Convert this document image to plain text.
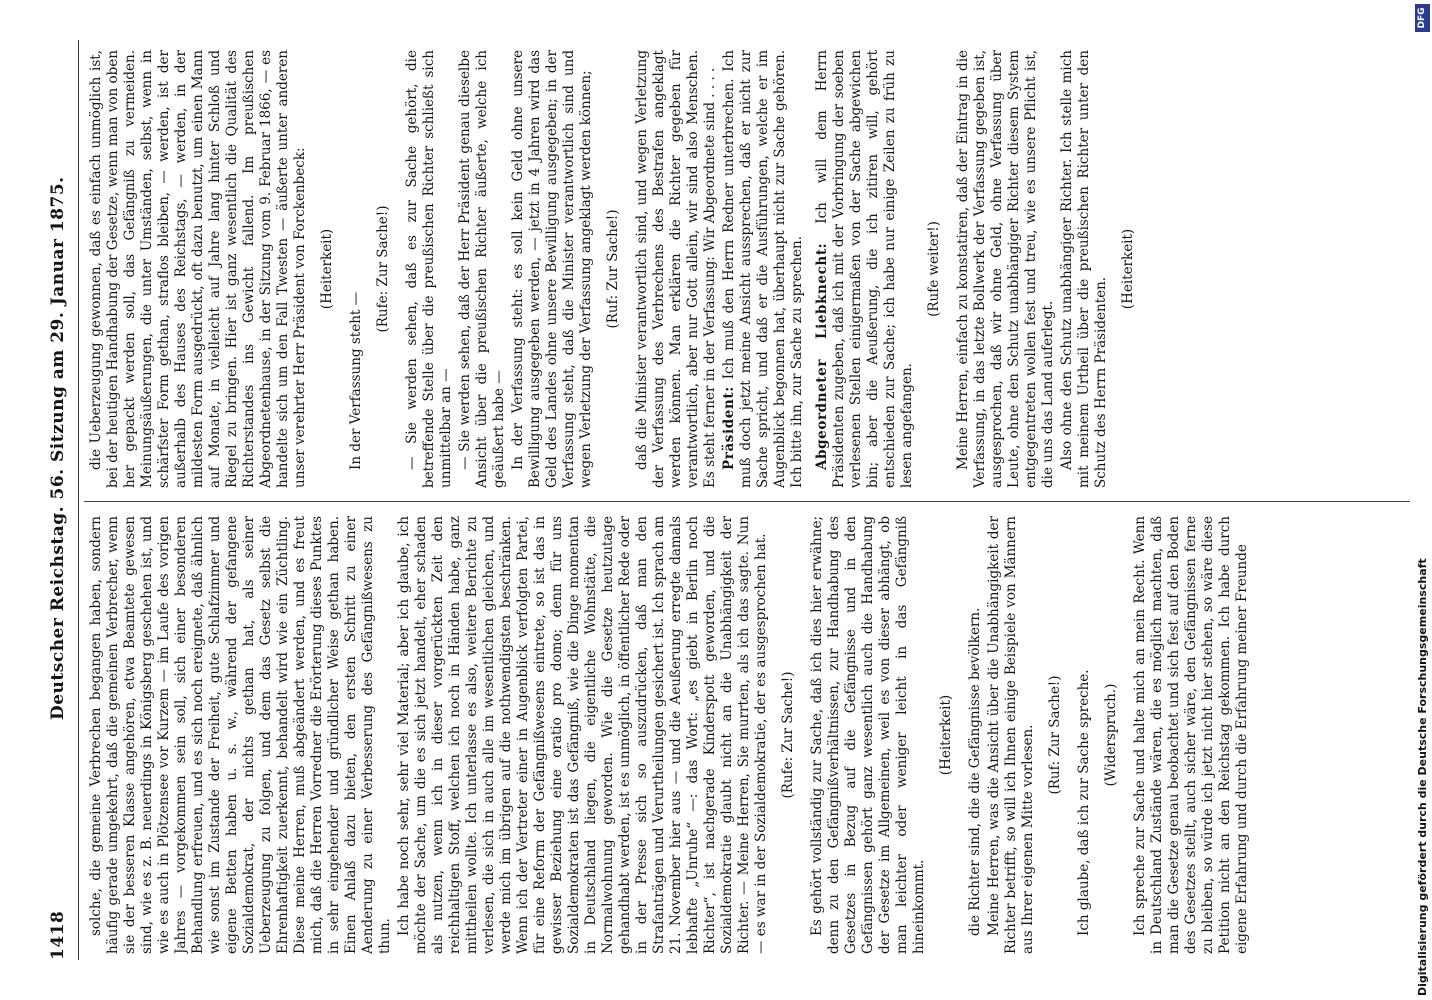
1418
Deutscher Reichstag. 56. Sitzung am 29. Januar 1875.

solche, die gemeine Verbrechen begangen haben, sondern häufig gerade umgekehrt, daß die gemeinen Verbrecher, wenn sie der besseren Klasse angehören, etwa Beamtete gewesen sind, wie es z. B. neuerdings in Königsberg geschehen ist, und wie es auch in Plötzensee vor Kurzem — im Laufe des vorigen Jahres — vorgekommen sein soll, sich einer besonderen Behandlung erfreuen, und es sich noch ereignete, daß ähnlich wie sonst im Zustande der Freiheit, gute Schlafzimmer und eigene Betten haben u. s. w., während der gefangene Sozialdemokrat, der nichts gethan hat, als seiner Ueberzeugung zu folgen, und dem das Gesetz selbst die Ehrenhaftigkeit zuerkennt, behandelt wird wie ein Züchtling. Diese meine Herren, muß abgeändert werden, und es freut mich, daß die Herren Vorredner die Erörterung dieses Punktes in sehr eingehender und gründlicher Weise gethan haben. Einen Anlaß dazu bieten, den ersten Schritt zu einer Aenderung zu einer Verbesserung des Gefängnißwesens zu thun.

Ich habe noch sehr, sehr viel Material; aber ich glaube, ich möchte der Sache, um die es sich jetzt handelt, eher schaden als nutzen, wenn ich in dieser vorgerückten Zeit den reichhaltigen Stoff, welchen ich noch in Händen habe, ganz mittheilen wollte. Ich unterlasse es also, weitere Berichte zu verlesen, die sich in auch alle im wesentlichen gleichen, und werde mich im übrigen auf die nothwendigsten beschränken. Wenn ich der Vertreter einer in Augenblick verfolgten Partei, für eine Reform der Gefängnißwesens eintrete, so ist das in gewisser Beziehung eine oratio pro domo; denn für uns Sozialdemokraten ist das Gefängniß, wie die Dinge momentan in Deutschland liegen, die eigentliche Wohnstätte, die Normalwohnung geworden. Wie die Gesetze heutzutage gehandhabt werden, ist es unmöglich, in öffentlicher Rede oder in der Presse sich so auszudrücken, daß man den Strafanträgen und Verurtheilungen gesichert ist. Ich sprach am 21. November hier aus — und die Aeußerung erregte damals lebhafte „Unruhe“ —: das Wort: „es giebt in Berlin noch Richter“, ist nachgerade Kinderspott geworden, und die Sozialdemokratie glaubt nicht an die Unabhängigkeit der Richter. — Meine Herren, Sie murrten, als ich das sagte. Nun — es war in der Sozialdemokratie, der es ausgesprochen hat. (Rufe: Zur Sache!) Es gehört vollständig zur Sache, daß ich dies hier erwähne; denn zu den Gefängnißverhältnissen, zur Handhabung des Gesetzes in Bezug auf die Gefängnisse und in den Gefängnissen gehört ganz wesentlich auch die Handhabung der Gesetze im Allgemeinen, weil es von dieser abhängt, ob man leichter oder weniger leicht in das Gefängniß hineinkommt.

(Heiterkeit) die Richter sind, die die Gefängnisse bevölkern. Meine Herren, was die Ansicht über die Unabhängigkeit der Richter betrifft, so will ich Ihnen einige Beispiele von Männern aus Ihrer eigenen Mitte vorlesen. (Ruf: Zur Sache!) Ich glaube, daß ich zur Sache spreche. (Widerspruch.) Ich spreche zur Sache und halte mich an mein Recht. Wenn in Deutschland Zustände wären, die es möglich machten, daß man die Gesetze genau beobachtet und sich fest auf den Boden des Gesetzes stellt, auch sicher wäre, den Gefängnissen ferne zu bleiben, so würde ich jetzt nicht hier stehen, so wäre diese Petition nicht an den Reichstag gekommen. Ich habe durch eigene Erfahrung und durch die Erfahrung meiner Freunde

die Ueberzeugung gewonnen, daß es einfach unmöglich ist, bei der heutigen Handhabung der Gesetze, wenn man von oben her gepackt werden soll, das Gefängniß zu vermeiden. Meinungsäußerungen, die unter Umständen, selbst, wenn in schärfster Form gethan, straflos bleiben, — werden, ist der außerhalb des Hauses des Reichstags, — werden, in der mildesten Form ausgedrückt, oft dazu benutzt, um einen Mann auf Monate, in vielleicht auf Jahre lang hinter Schloß und Riegel zu bringen. Hier ist ganz wesentlich die Qualität des Richterstandes ins Gewicht fallend. Im preußischen Abgeordnetenhause, in der Sitzung vom 9. Februar 1866, — es handelte sich um den Fall Twesten — äußerte unter anderen unser verehrter Herr Präsident von Forckenbeck: (Heiterkeit)

In der Verfassung steht —

(Rufe: Zur Sache!) — Sie werden sehen, daß es zur Sache gehört, die betreffende Stelle über die preußischen Richter schließt sich unmittelbar an — — Sie werden sehen, daß der Herr Präsident genau dieselbe Ansicht über die preußischen Richter äußerte, welche ich geäußert habe — In der Verfassung steht: es soll kein Geld ohne unsere Bewilligung ausgegeben werden, — jetzt in 4 Jahren wird das Geld des Landes ohne unsere Bewilligung ausgegeben; in der Verfassung steht, daß die Minister verantwortlich sind und wegen Verletzung der Verfassung angeklagt werden können; (Ruf: Zur Sache!) daß die Minister verantwortlich sind, und wegen Verletzung der Verfassung des Verbrechens des Bestrafen angeklagt werden können. Man erklären die Richter gegeben für verantwortlich, aber nur Gott allein, wir sind also Menschen. Es steht ferner in der Verfassung: Wir Abgeordnete sind . . . . Präsident: Ich muß den Herrn Redner unterbrechen. Ich muß doch jetzt meine Ansicht aussprechen, daß er nicht zur Sache spricht, und daß er die Ausführungen, welche er im Augenblick begonnen hat, überhaupt nicht zur Sache gehören. Ich bitte ihn, zur Sache zu sprechen. Abgeordneter Liebknecht: Ich will dem Herrn Präsidenten zugeben, daß ich mit der Vorbringung der soeben verlesenen Stellen einigermaßen von der Sache abgewichen bin; aber die Aeußerung, die ich zitiren will, gehört entschieden zur Sache; ich habe nur einige Zeilen zu früh zu lesen angefangen.

(Rufe weiter!) Meine Herren, einfach zu konstatiren, daß der Eintrag in die Verfassung, in das letzte Bollwerk der Verfassung gegeben ist, ausgesprochen, daß wir ohne Geld, ohne Verfassung über Leute, ohne den Schutz unabhängiger Richter diesem System entgegentreten wollen fest und treu, wie es unsere Pflicht ist, die uns das Land auferlegt. Also ohne den Schutz unabhängiger Richter. Ich stelle mich mit meinem Urtheil über die preußischen Richter unter den Schutz des Herrn Präsidenten.

(Heiterkeit)

Digitalisierung gefördert durch die Deutsche Forschungsgemeinschaft
DFG
